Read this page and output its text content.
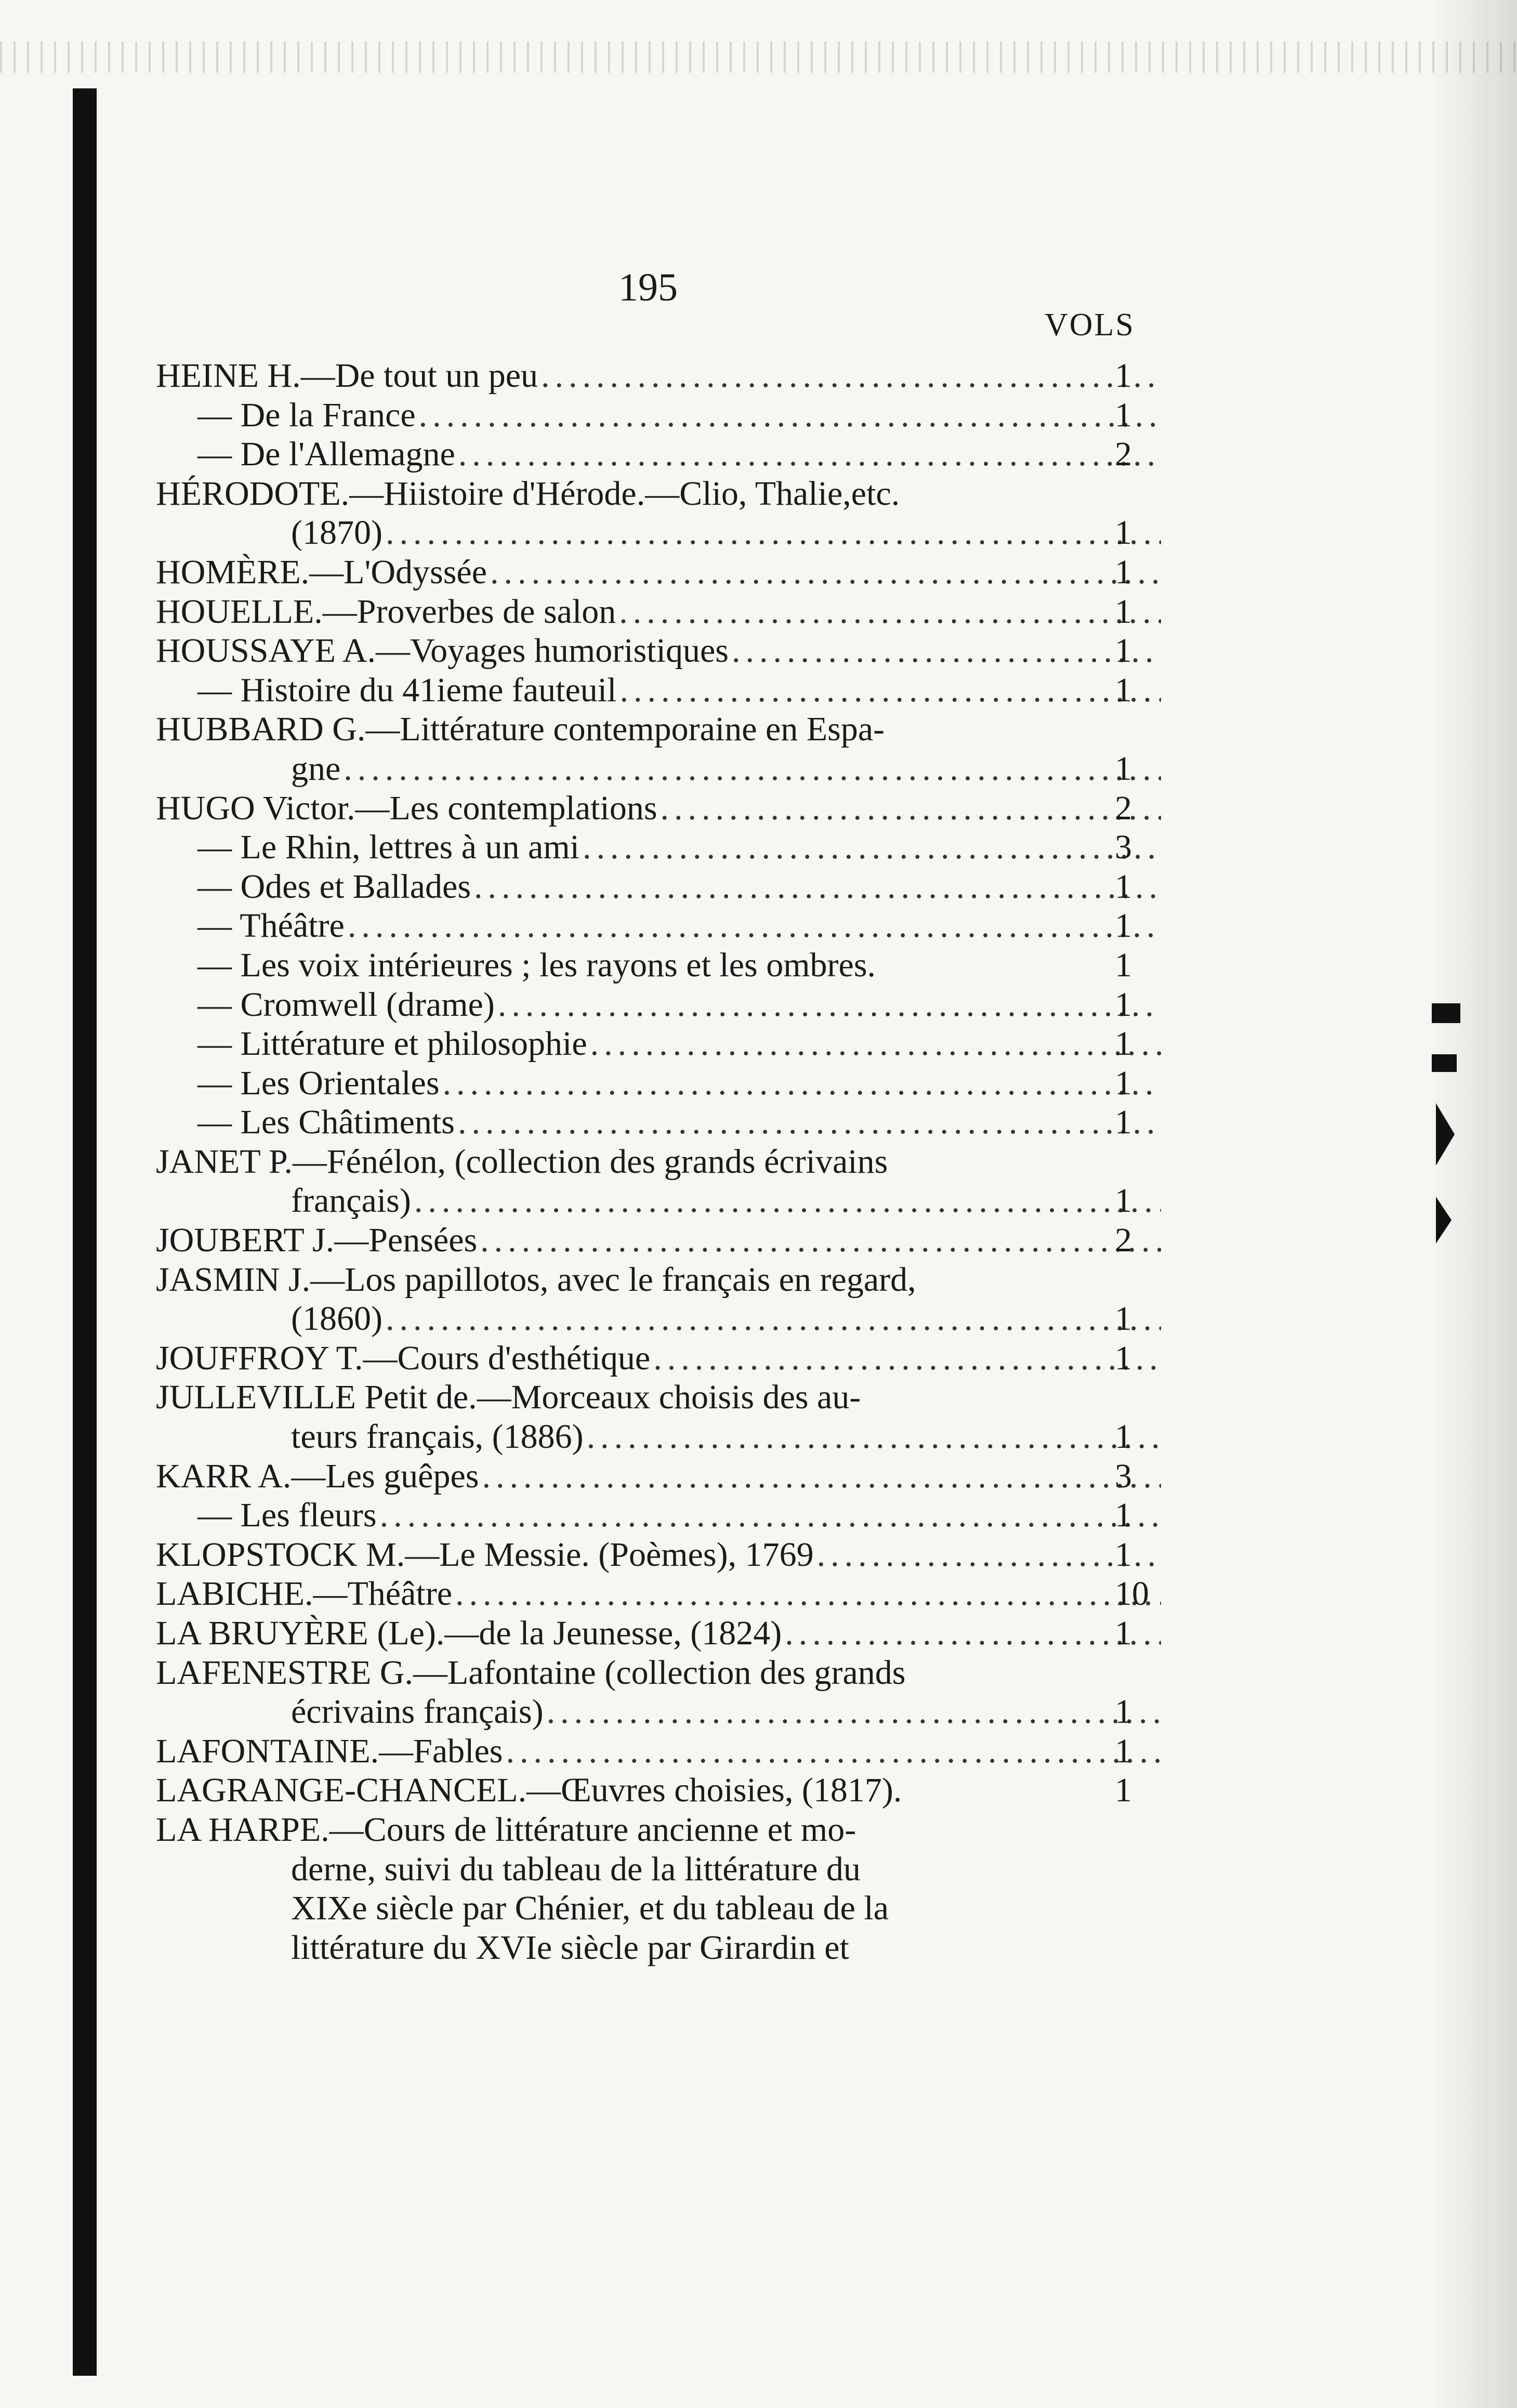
195
VOLS
HEINE H.—De tout un peu .....	1
— De la France .....	1
— De l'Allemagne .....	2
HÉRODOTE.—Hiistoire d'Hérode.—Clio, Thalie,etc.
(1870) .....	1
HOMÈRE.—L'Odyssée .....	1
HOUELLE.—Proverbes de salon .....	1
HOUSSAYE A.—Voyages humoristiques .....	1
— Histoire du 41ieme fauteuil .....	1
HUBBARD G.—Littérature contemporaine en Espa-
gne .....	1
HUGO Victor.—Les contemplations .....	2
— Le Rhin, lettres à un ami .....	3
— Odes et Ballades .....	1
— Théâtre .....	1
— Les voix intérieures ; les rayons et les ombres.	1
— Cromwell (drame) .....	1
— Littérature et philosophie .....	1
— Les Orientales .....	1
— Les Châtiments .....	1
JANET P.—Fénélon, (collection des grands écrivains
français) .....	1
JOUBERT J.—Pensées .....	2
JASMIN J.—Los papillotos, avec le français en regard,
(1860) .....	1
JOUFFROY T.—Cours d'esthétique .....	1
JULLEVILLE Petit de.—Morceaux choisis des au-
teurs français, (1886) .....	1
KARR A.—Les guêpes .....	3
— Les fleurs .....	1
KLOPSTOCK M.—Le Messie. (Poèmes), 1769 .....	1
LABICHE.—Théâtre .....	10
LA BRUYÈRE (Le).—de la Jeunesse, (1824) .....	1
LAFENESTRE G.—Lafontaine (collection des grands
écrivains français) .....	1
LAFONTAINE.—Fables .....	1
LAGRANGE-CHANCEL.—Œuvres choisies, (1817).	1
LA HARPE.—Cours de littérature ancienne et mo-
derne, suivi du tableau de la littérature du
XIXe siècle par Chénier, et du tableau de la
littérature du XVIe siècle par Girardin et
